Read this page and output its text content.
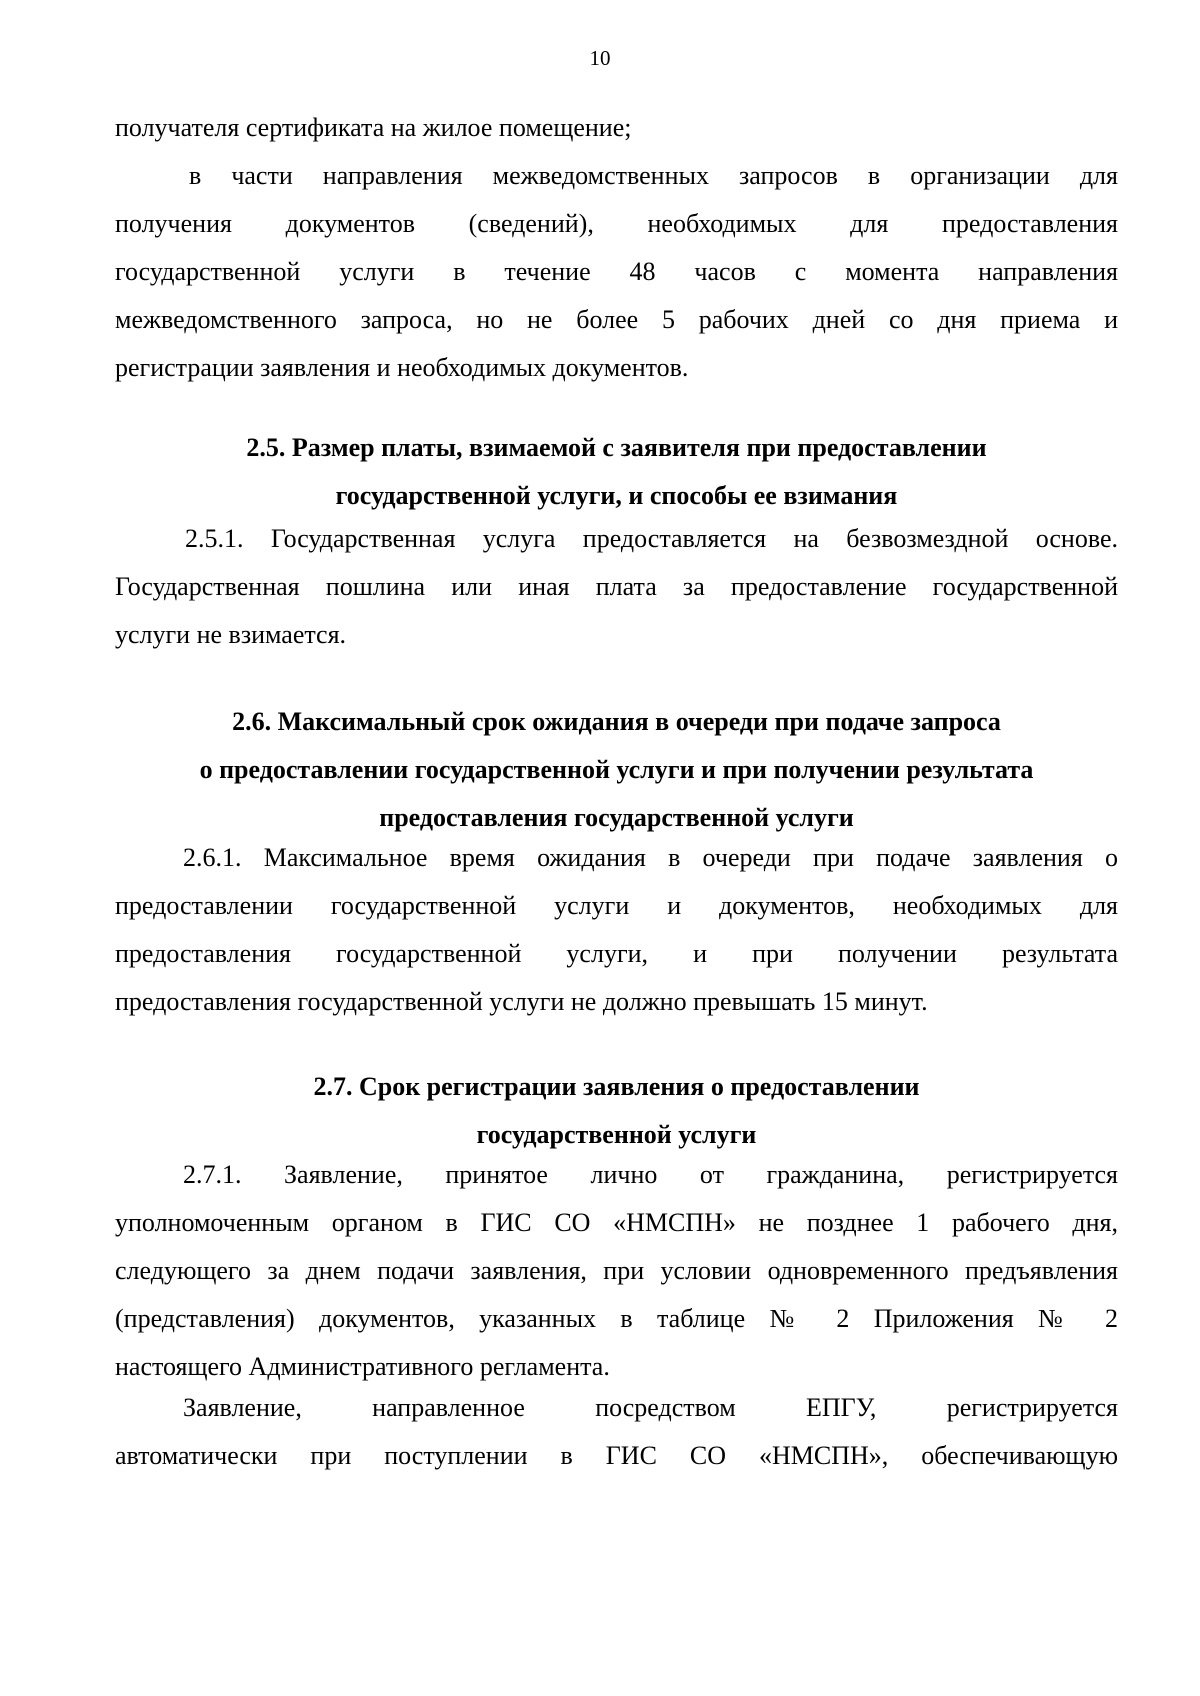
10
получателя сертификата на жилое помещение;
в части направления межведомственных запросов в организации для
получения документов (сведений), необходимых для предоставления
государственной услуги в течение 48 часов с момента направления
межведомственного запроса, но не более 5 рабочих дней со дня приема и
регистрации заявления и необходимых документов.
2.5. Размер платы, взимаемой с заявителя при предоставлении
государственной услуги, и способы ее взимания
2.5.1. Государственная услуга предоставляется на безвозмездной основе.
Государственная пошлина или иная плата за предоставление государственной
услуги не взимается.
2.6. Максимальный срок ожидания в очереди при подаче запроса
о предоставлении государственной услуги и при получении результата
предоставления государственной услуги
2.6.1. Максимальное время ожидания в очереди при подаче заявления о
предоставлении государственной услуги и документов, необходимых для
предоставления государственной услуги, и при получении результата
предоставления государственной услуги не должно превышать 15 минут.
2.7. Срок регистрации заявления о предоставлении
государственной услуги
2.7.1. Заявление, принятое лично от гражданина, регистрируется
уполномоченным органом в ГИС СО «НМСПН» не позднее 1 рабочего дня,
следующего за днем подачи заявления, при условии одновременного предъявления
(представления) документов, указанных в таблице № 2 Приложения № 2
настоящего Административного регламента.
Заявление, направленное посредством ЕПГУ, регистрируется
автоматически при поступлении в ГИС СО «НМСПН», обеспечивающую
